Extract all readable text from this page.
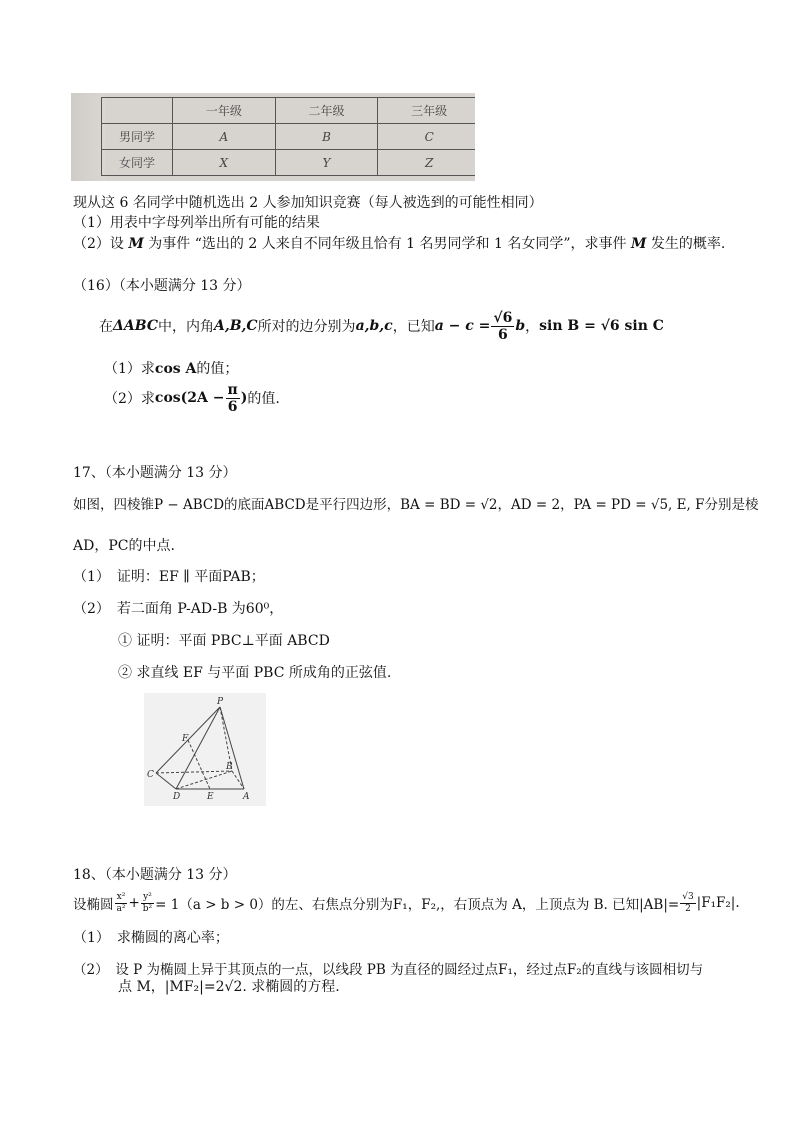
	一年级	二年级	三年级
男同学	A	B	C
女同学	X	Y	Z
现从这 6 名同学中随机选出 2 人参加知识竞赛（每人被选到的可能性相同）
（1）用表中字母列举出所有可能的结果
（2）设 M 为事件 “选出的 2 人来自不同年级且恰有 1 名男同学和 1 名女同学”，求事件 M 发生的概率.
（16）（本小题满分 13 分）
在 ΔABC 中，内角 A,B,C 所对的边分别为 a,b,c ，已知 $a - c = \frac{√6}{6}$ b ， sin B = √6 sin C
（1）求cos A的值；
（2）求 $\cos(2A - \frac{\pi}{6}$ ) 的值.
17、（本小题满分 13 分）
如图，四棱锥P − ABCD的底面ABCD是平行四边形，BA = BD = √2，AD = 2，PA = PD = √5, E, F分别是棱
AD，PC的中点.
（1）　证明：EF ∥ 平面PAB；
（2）　若二面角 P-AD-B 为60⁰，
① 证明：平面 PBC⊥平面 ABCD
② 求直线 EF 与平面 PBC 所成角的正弦值.
P
F
C
B
D	E	A
18、（本小题满分 13 分）
设椭圆 $\frac{\text{x²}}{\text{a²}} + \frac{\text{y²}}{\text{b²}} = 1(a > b > 0)$的左、右焦点分别为F₁，F₂,，右顶点为 A，上顶点为 B. 已知$|AB|= \frac{√3}{2} |F_1F_2|$.
（1）　求椭圆的离心率；
（2）　设 P 为椭圆上异于其顶点的一点，以线段 PB 为直径的圆经过点F₁，经过点F₂的直线与该圆相切与
点 M，|MF₂|=2√2. 求椭圆的方程.
